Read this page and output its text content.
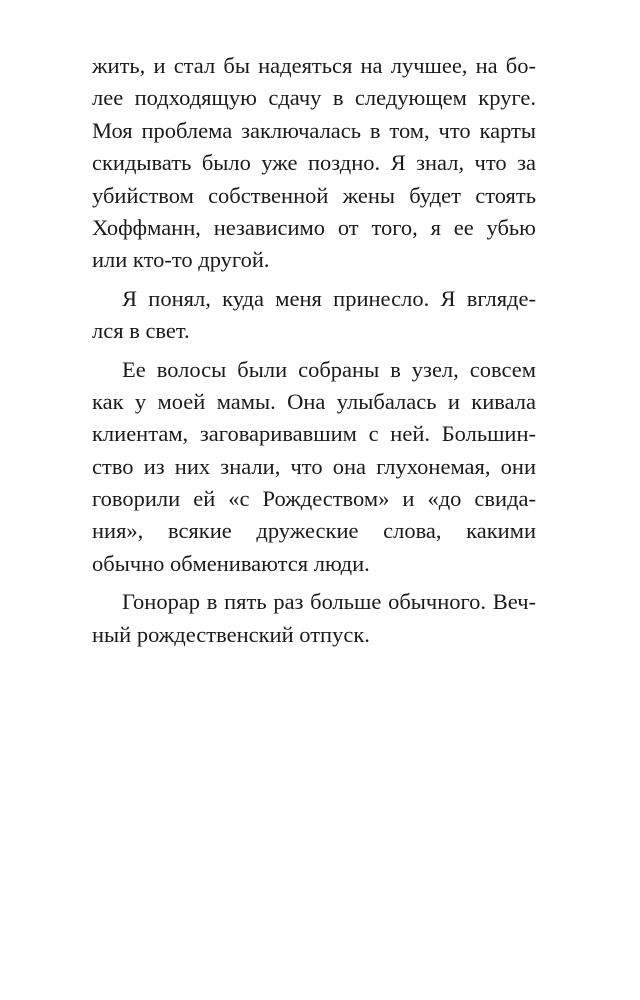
жить, и стал бы надеяться на лучшее, на бо-
лее подходящую сдачу в следующем круге.
Моя проблема заключалась в том, что карты
скидывать было уже поздно. Я знал, что за
убийством собственной жены будет стоять
Хоффманн, независимо от того, я ее убью
или кто-то другой.
Я понял, куда меня принесло. Я вгляде-
лся в свет.
Ее волосы были собраны в узел, совсем
как у моей мамы. Она улыбалась и кивала
клиентам, заговаривавшим с ней. Большин-
ство из них знали, что она глухонемая, они
говорили ей «с Рождеством» и «до свида-
ния», всякие дружеские слова, какими
обычно обмениваются люди.
Гонорар в пять раз больше обычного. Веч-
ный рождественский отпуск.
